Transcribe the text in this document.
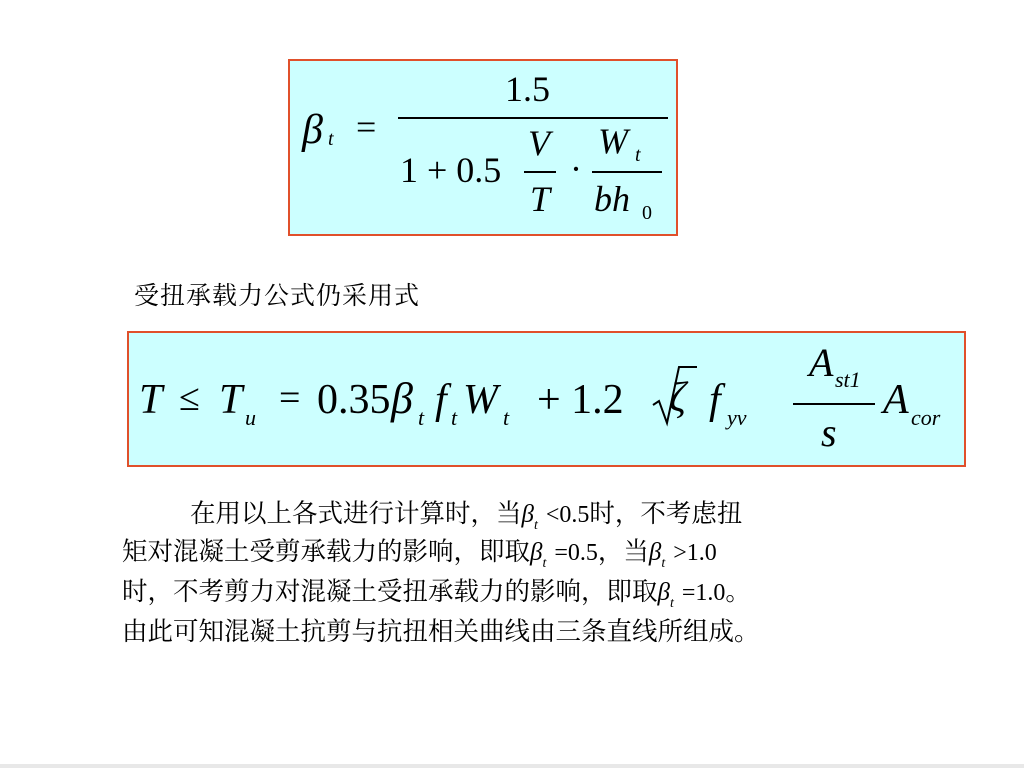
β t =
1.5
1 + 0.5
V
T
·
W t
bh 0
受扭承载力公式仍采用式
T ≤ T u = 0.35 β t f t W t + 1.2 ζ f yv
A st1
s
A cor
在用以上各式进行计算时，当$\beta_t <0.5$时，不考虑扭
矩对混凝土受剪承载力的影响，即取$\beta_t =0.5$，当$\beta_t >1.0$
时，不考剪力对混凝土受扭承载力的影响，即取$\beta_t =1.0$。
由此可知混凝土抗剪与抗扭相关曲线由三条直线所组成。
